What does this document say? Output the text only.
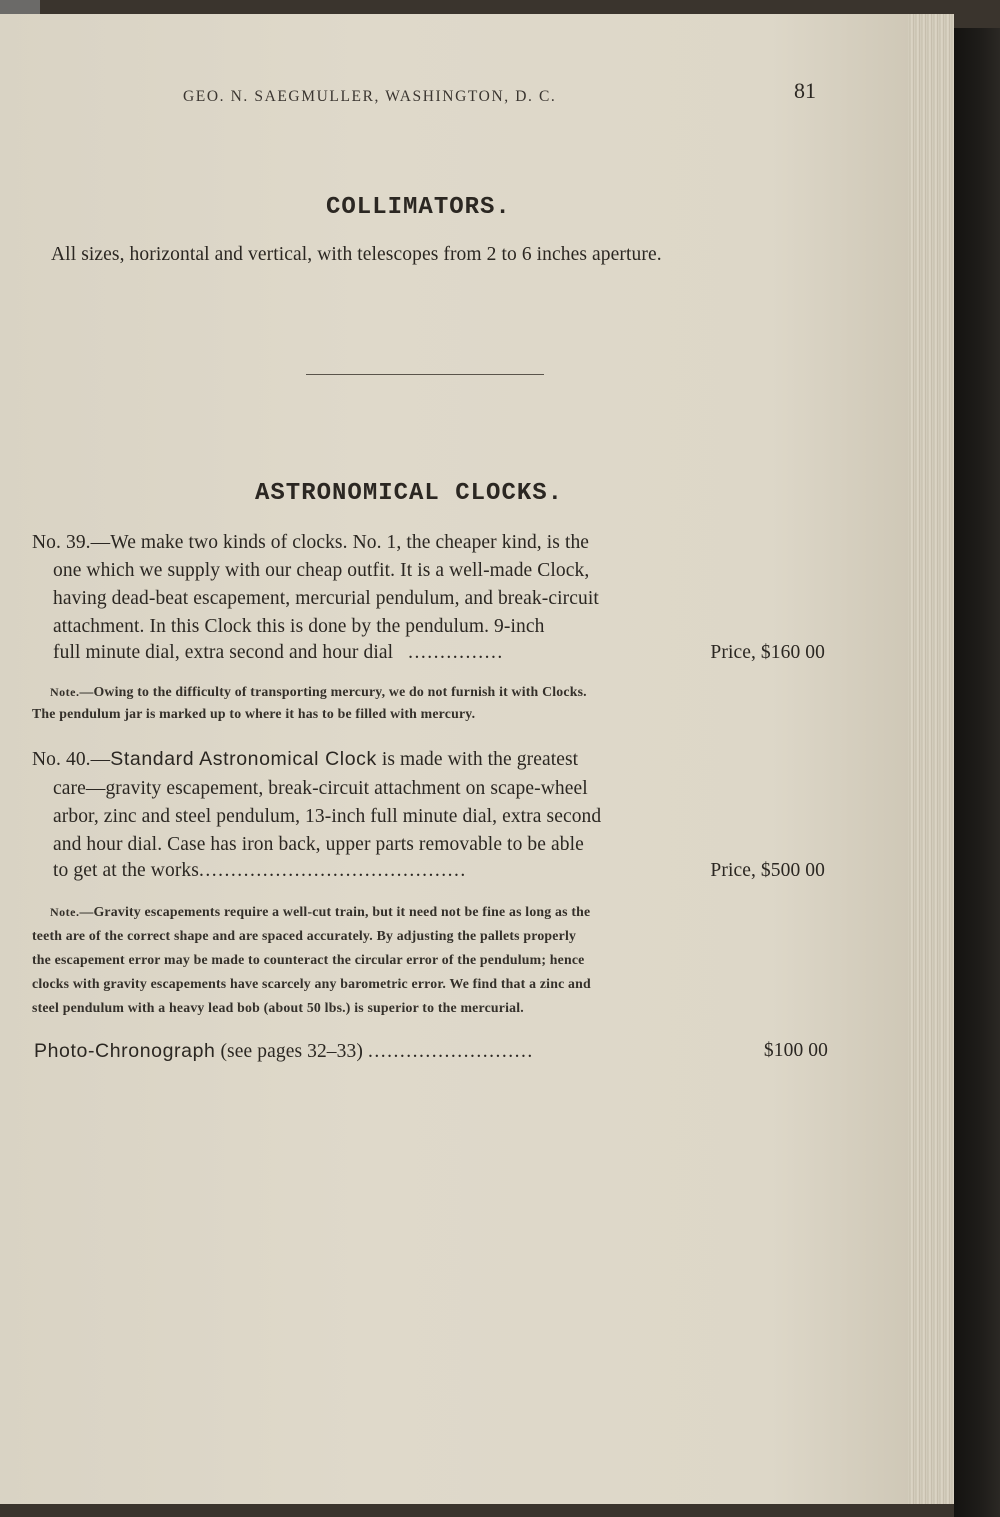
GEO. N. SAEGMULLER, WASHINGTON, D. C.	81

COLLIMATORS.

All sizes, horizontal and vertical, with telescopes from 2 to 6 inches aperture.

ASTRONOMICAL CLOCKS.

No. 39.—We make two kinds of clocks. No. 1, the cheaper kind, is the

one which we supply with our cheap outfit. It is a well-made Clock,

having dead-beat escapement, mercurial pendulum, and break-circuit

attachment. In this Clock this is done by the pendulum. 9-inch

full minute dial, extra second and hour dial ...............	Price, $160 00

Note.—Owing to the difficulty of transporting mercury, we do not furnish it with Clocks.

The pendulum jar is marked up to where it has to be filled with mercury.

No. 40.—Standard Astronomical Clock is made with the greatest

care—gravity escapement, break-circuit attachment on scape-wheel

arbor, zinc and steel pendulum, 13-inch full minute dial, extra second

and hour dial. Case has iron back, upper parts removable to be able

to get at the works..........................................	Price, $500 00

Note.—Gravity escapements require a well-cut train, but it need not be fine as long as the

teeth are of the correct shape and are spaced accurately. By adjusting the pallets properly

the escapement error may be made to counteract the circular error of the pendulum; hence

clocks with gravity escapements have scarcely any barometric error. We find that a zinc and

steel pendulum with a heavy lead bob (about 50 lbs.) is superior to the mercurial.

Photo-Chronograph (see pages 32–33) ..........................	$100 00
